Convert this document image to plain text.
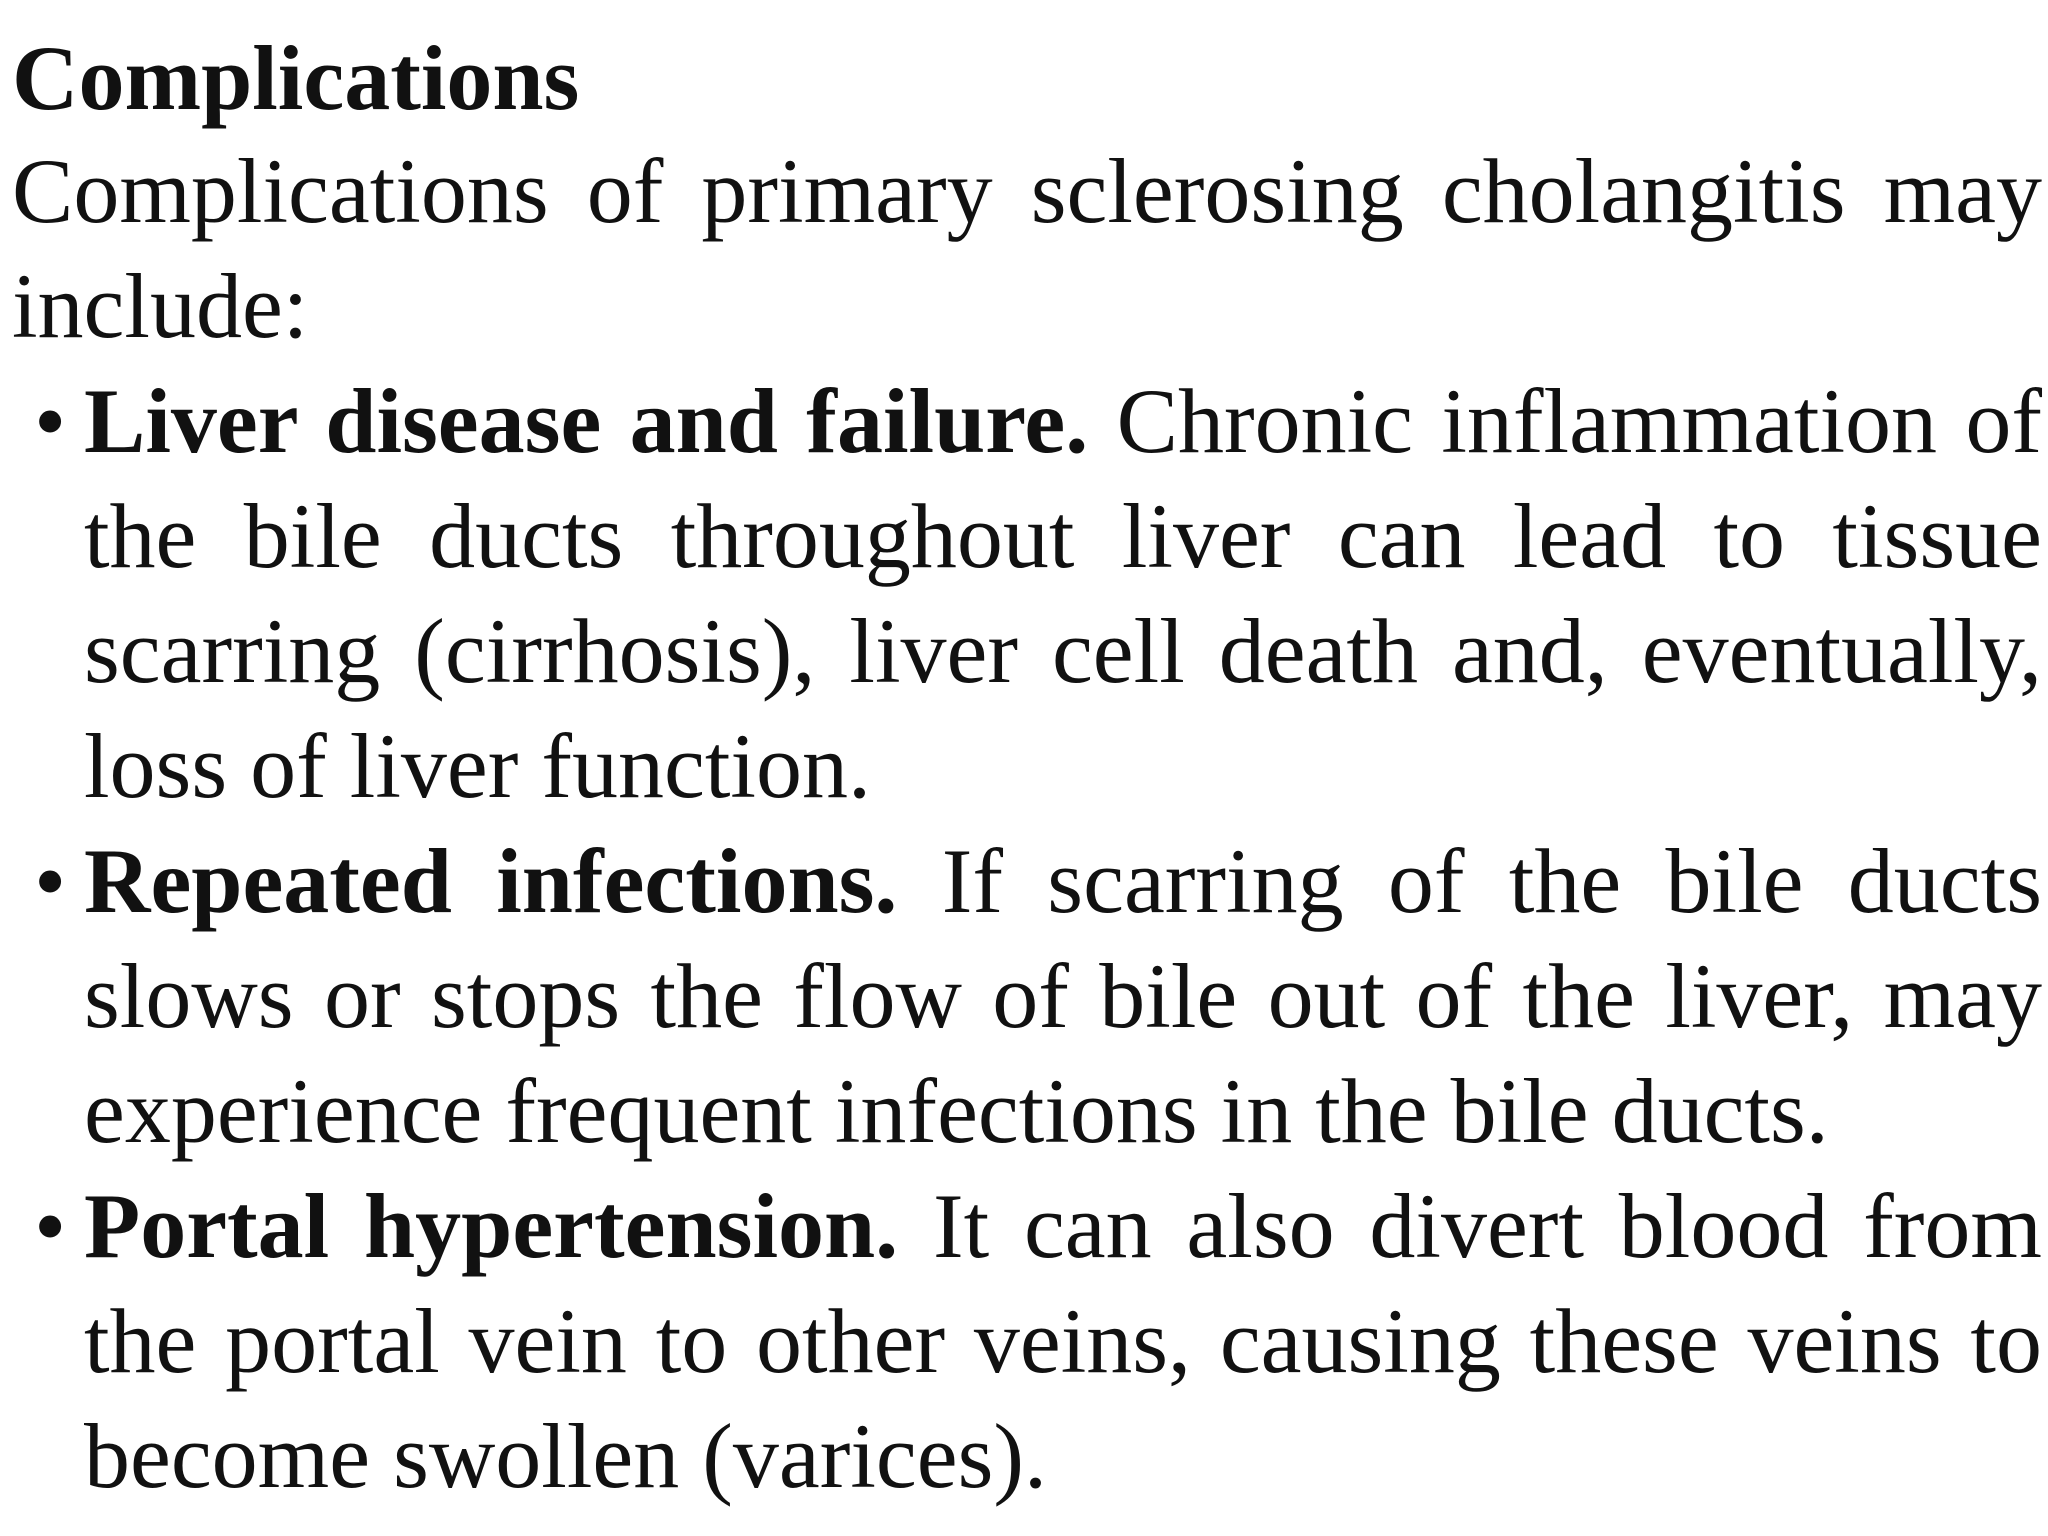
Complications

Complications of primary sclerosing cholangitis may include:

• Liver disease and failure. Chronic inflammation of the bile ducts throughout liver can lead to tissue scarring (cirrhosis), liver cell death and, eventually, loss of liver function.
• Repeated infections. If scarring of the bile ducts slows or stops the flow of bile out of the liver, may experience frequent infections in the bile ducts.
• Portal hypertension. It can also divert blood from the portal vein to other veins, causing these veins to become swollen (varices).
